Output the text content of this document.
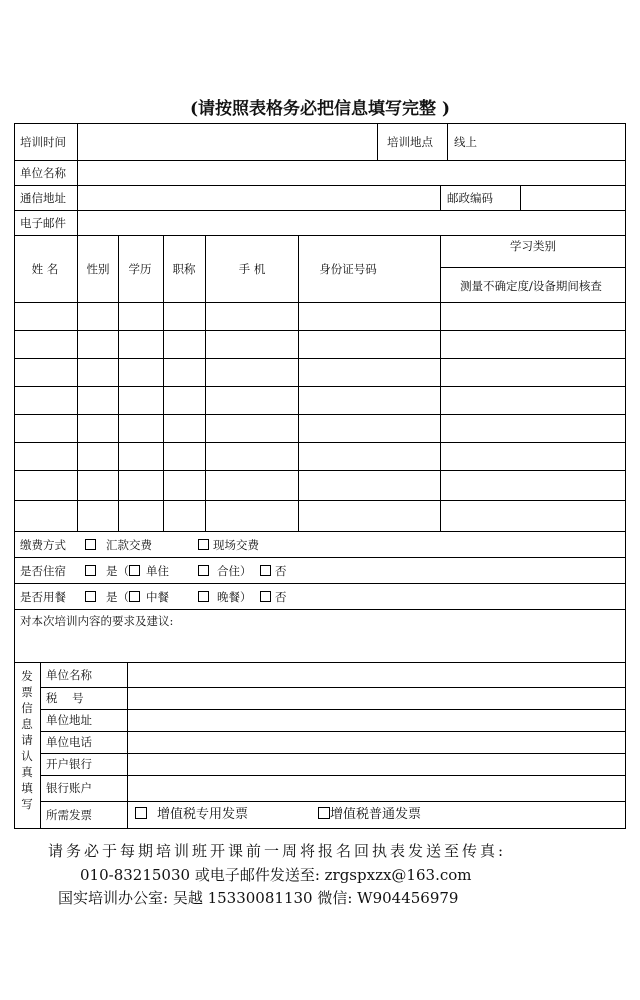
(请按照表格务必把信息填写完整 )
培训时间	培训地点 线上
单位名称
通信地址	邮政编码
电子邮件
姓 名 性别 学历 职称	手 机	身份证号码
学习类别
测量不确定度/设备期间核查
缴费方式	汇款交费	现场交费
是否住宿	是（ 单住	合住）	否
是否用餐	是（ 中餐	晚餐）	否
对本次培训内容的要求及建议:
发
票
信
息
请
认
真
填
写
单位名称
税    号
单位地址
单位电话
开户银行
银行账户
所需发票	增值税专用发票	增值税普通发票
请务必于每期培训班开课前一周将报名回执表发送至传真:
010-83215030 或电子邮件发送至: zrgspxzx@163.com
国实培训办公室: 吴越 15330081130 微信: W904456979
